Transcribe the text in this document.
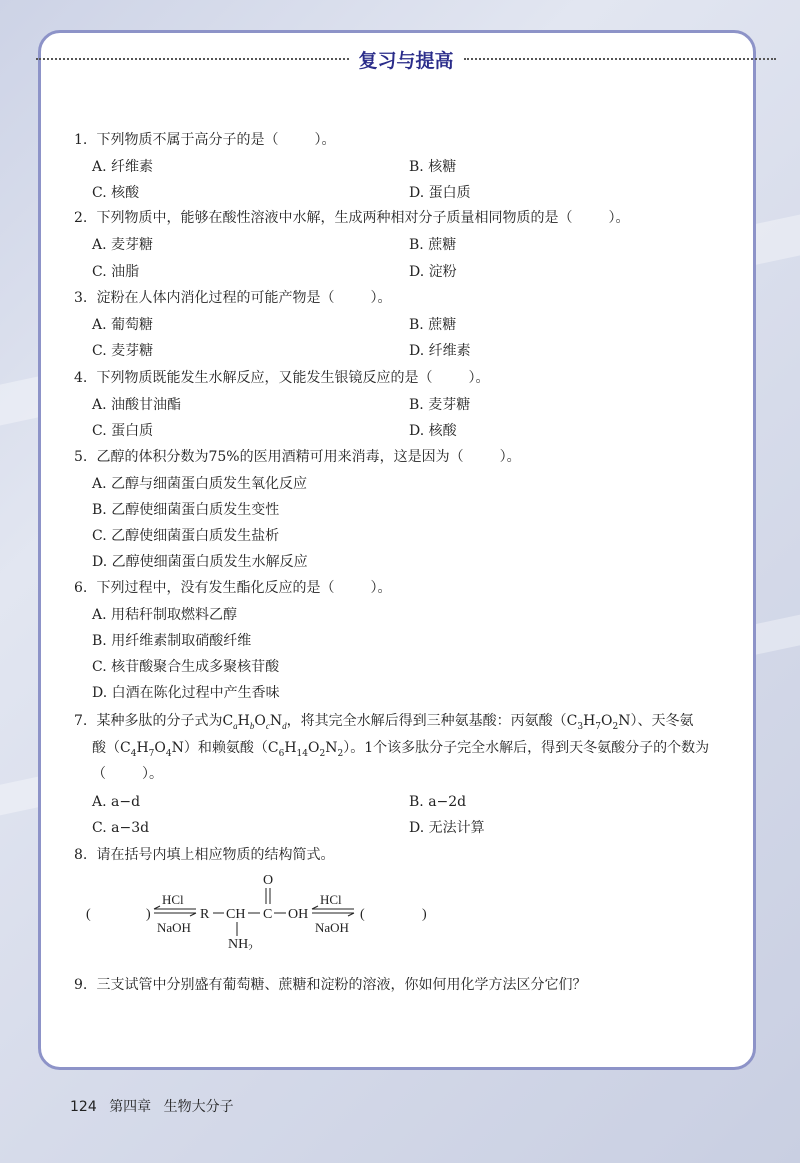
复习与提高
1. 下列物质不属于高分子的是（	）。
A. 纤维素	B. 核糖
C. 核酸	D. 蛋白质
2. 下列物质中，能够在酸性溶液中水解，生成两种相对分子质量相同物质的是（	）。
A. 麦芽糖	B. 蔗糖
C. 油脂	D. 淀粉
3. 淀粉在人体内消化过程的可能产物是（	）。
A. 葡萄糖	B. 蔗糖
C. 麦芽糖	D. 纤维素
4. 下列物质既能发生水解反应，又能发生银镜反应的是（	）。
A. 油酸甘油酯	B. 麦芽糖
C. 蛋白质	D. 核酸
5. 乙醇的体积分数为75%的医用酒精可用来消毒，这是因为（	）。
A. 乙醇与细菌蛋白质发生氧化反应
B. 乙醇使细菌蛋白质发生变性
C. 乙醇使细菌蛋白质发生盐析
D. 乙醇使细菌蛋白质发生水解反应
6. 下列过程中，没有发生酯化反应的是（	）。
A. 用秸秆制取燃料乙醇
B. 用纤维素制取硝酸纤维
C. 核苷酸聚合生成多聚核苷酸
D. 白酒在陈化过程中产生香味
7. 某种多肽的分子式为$C_aH_bO_cN_d$，将其完全水解后得到三种氨基酸：丙氨酸$(C_3H_7O_2N)$、天冬氨
酸$(C_4H_7O_4N)$和赖氨酸$(C_6H_{14}O_2N_2)$。1个该多肽分子完全水解后，得到天冬氨酸分子的个数为
（	）。
A. a−d	B. a−2d
C. a−3d	D. 无法计算
8. 请在括号内填上相应物质的结构简式。
(	)
HCl
NaOH
R CH C
O
OH
$NH_2$
HCl
NaOH
(	)
9. 三支试管中分别盛有葡萄糖、蔗糖和淀粉的溶液，你如何用化学方法区分它们？
124 第四章 生物大分子
